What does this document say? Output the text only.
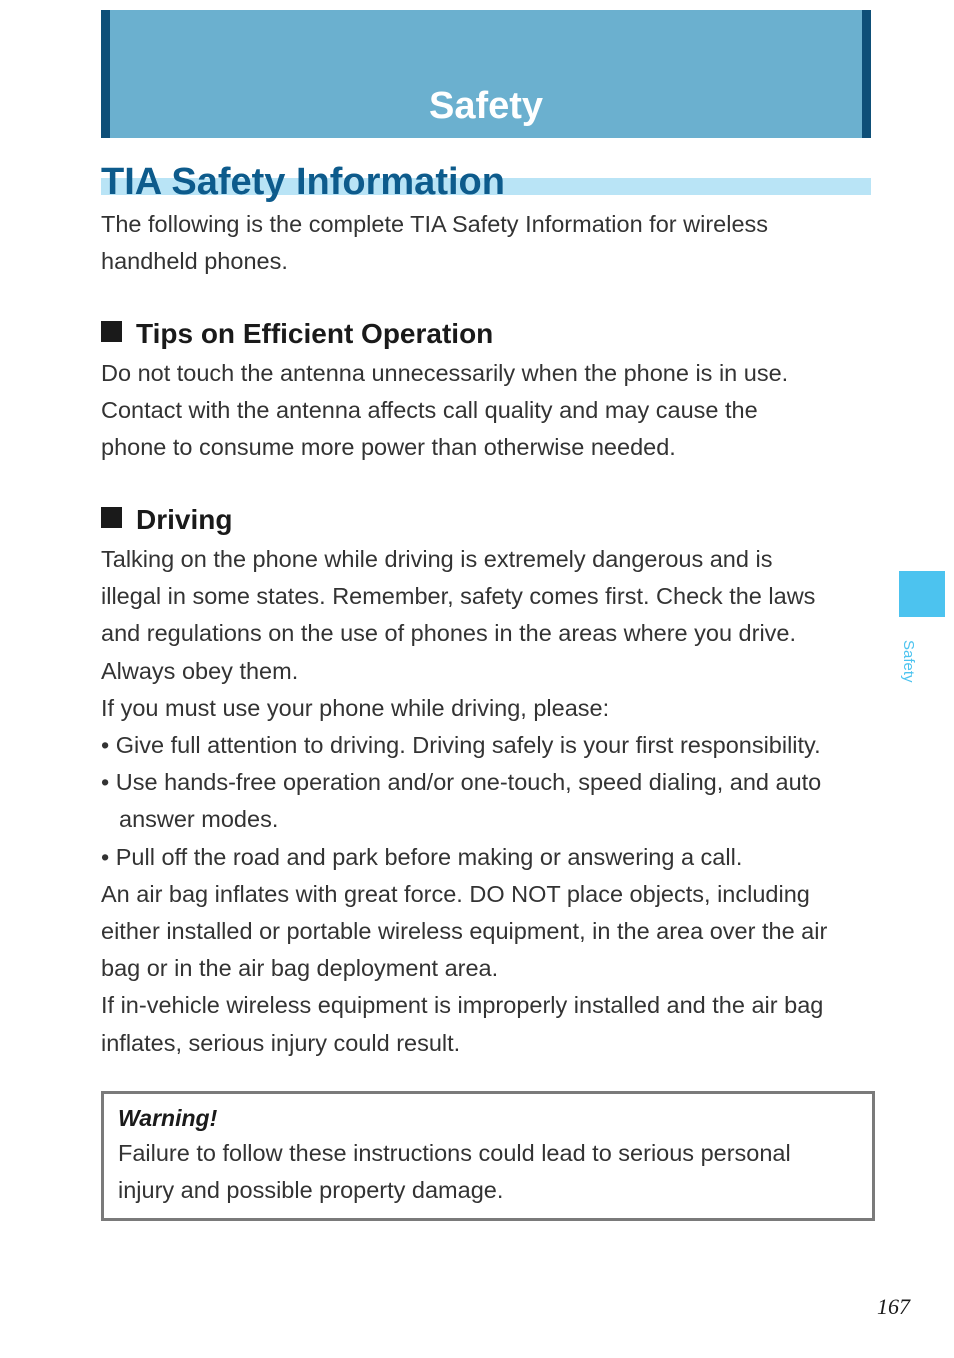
Safety
TIA Safety Information

The following is the complete TIA Safety Information for wireless

handheld phones.

Tips on Efficient Operation

Do not touch the antenna unnecessarily when the phone is in use.

Contact with the antenna affects call quality and may cause the

phone to consume more power than otherwise needed.

Driving

Talking on the phone while driving is extremely dangerous and is

illegal in some states. Remember, safety comes first. Check the laws

and regulations on the use of phones in the areas where you drive.

Always obey them.

If you must use your phone while driving, please:

• Give full attention to driving. Driving safely is your first responsibility.

• Use hands-free operation and/or one-touch, speed dialing, and auto answer modes.

• Pull off the road and park before making or answering a call.

An air bag inflates with great force. DO NOT place objects, including

either installed or portable wireless equipment, in the area over the air

bag or in the air bag deployment area.

If in-vehicle wireless equipment is improperly installed and the air bag

inflates, serious injury could result.

Warning!
Failure to follow these instructions could lead to serious personal
injury and possible property damage.
Safety
167
